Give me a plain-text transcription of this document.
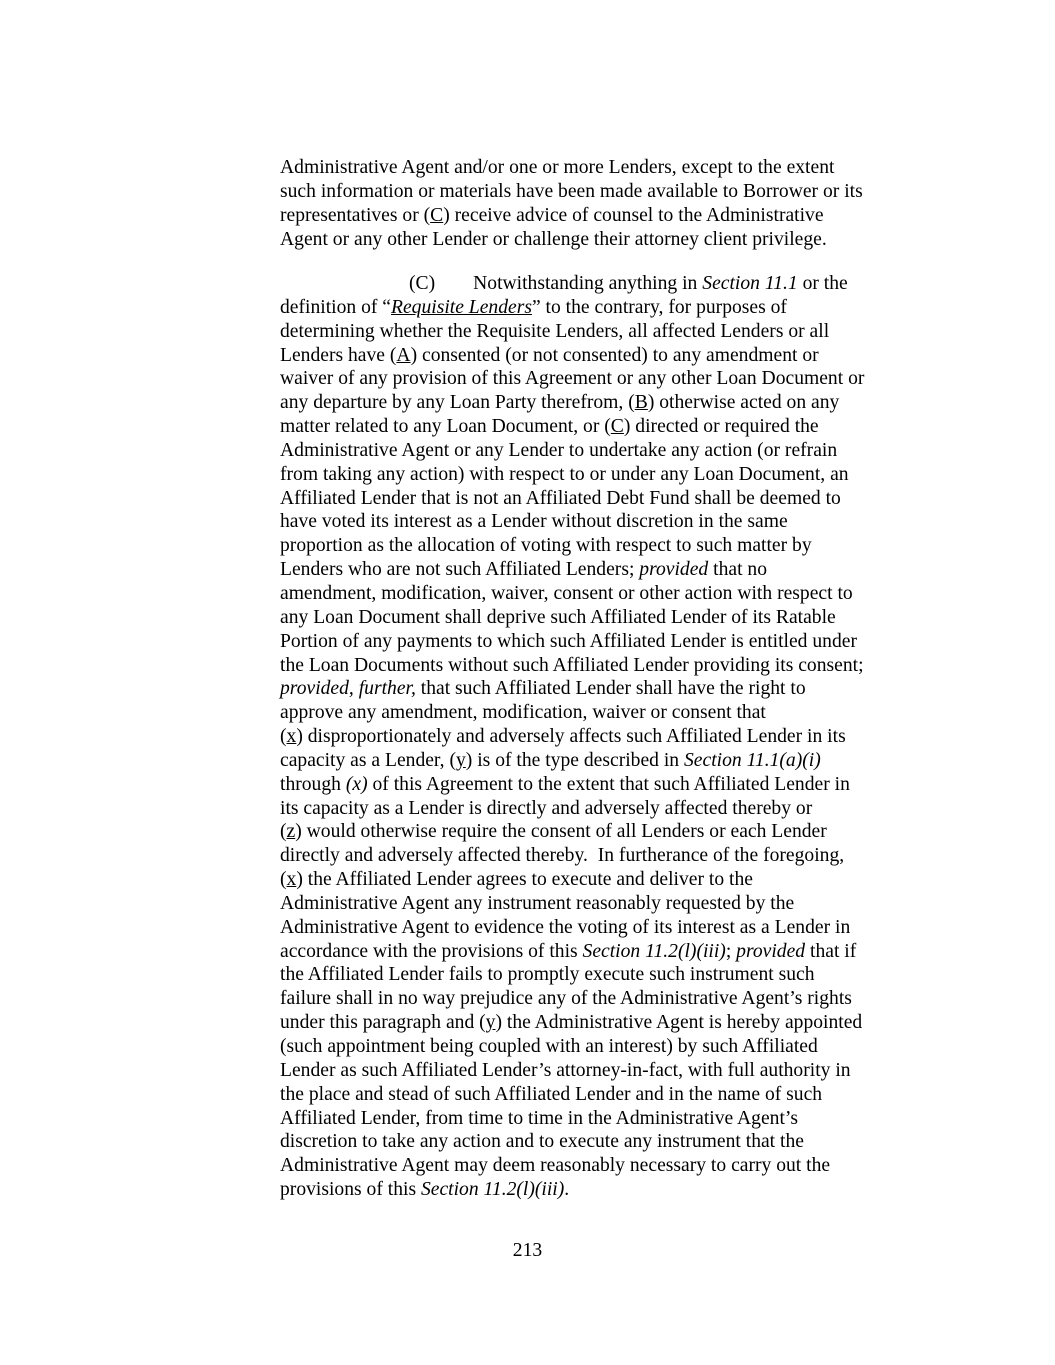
Administrative Agent and/or one or more Lenders, except to the extent
such information or materials have been made available to Borrower or its
representatives or (C) receive advice of counsel to the Administrative
Agent or any other Lender or challenge their attorney client privilege.

(C) Notwithstanding anything in Section 11.1 or the
definition of “Requisite Lenders” to the contrary, for purposes of
determining whether the Requisite Lenders, all affected Lenders or all
Lenders have (A) consented (or not consented) to any amendment or
waiver of any provision of this Agreement or any other Loan Document or
any departure by any Loan Party therefrom, (B) otherwise acted on any
matter related to any Loan Document, or (C) directed or required the
Administrative Agent or any Lender to undertake any action (or refrain
from taking any action) with respect to or under any Loan Document, an
Affiliated Lender that is not an Affiliated Debt Fund shall be deemed to
have voted its interest as a Lender without discretion in the same
proportion as the allocation of voting with respect to such matter by
Lenders who are not such Affiliated Lenders; provided that no
amendment, modification, waiver, consent or other action with respect to
any Loan Document shall deprive such Affiliated Lender of its Ratable
Portion of any payments to which such Affiliated Lender is entitled under
the Loan Documents without such Affiliated Lender providing its consent;
provided, further, that such Affiliated Lender shall have the right to
approve any amendment, modification, waiver or consent that
(x) disproportionately and adversely affects such Affiliated Lender in its
capacity as a Lender, (y) is of the type described in Section 11.1(a)(i)
through (x) of this Agreement to the extent that such Affiliated Lender in
its capacity as a Lender is directly and adversely affected thereby or
(z) would otherwise require the consent of all Lenders or each Lender
directly and adversely affected thereby.  In furtherance of the foregoing,
(x) the Affiliated Lender agrees to execute and deliver to the
Administrative Agent any instrument reasonably requested by the
Administrative Agent to evidence the voting of its interest as a Lender in
accordance with the provisions of this Section 11.2(l)(iii); provided that if
the Affiliated Lender fails to promptly execute such instrument such
failure shall in no way prejudice any of the Administrative Agent’s rights
under this paragraph and (y) the Administrative Agent is hereby appointed
(such appointment being coupled with an interest) by such Affiliated
Lender as such Affiliated Lender’s attorney-in-fact, with full authority in
the place and stead of such Affiliated Lender and in the name of such
Affiliated Lender, from time to time in the Administrative Agent’s
discretion to take any action and to execute any instrument that the
Administrative Agent may deem reasonably necessary to carry out the
provisions of this Section 11.2(l)(iii).

213
